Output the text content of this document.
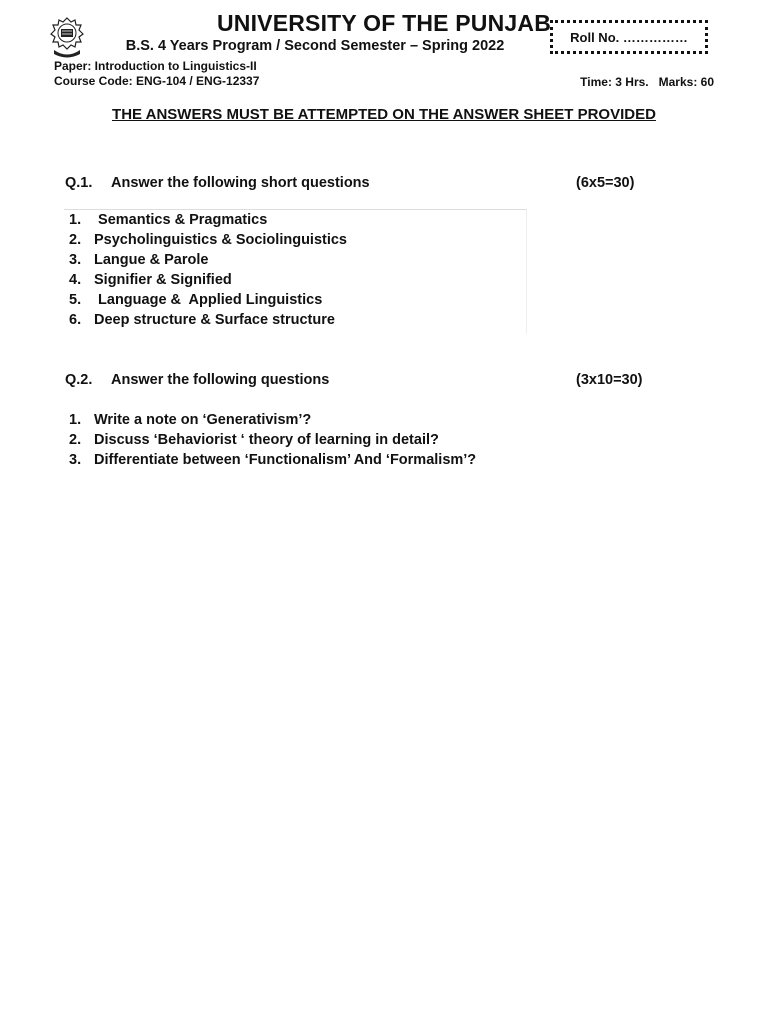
UNIVERSITY OF THE PUNJAB
B.S. 4 Years Program / Second Semester – Spring 2022
Roll No. ……………
Paper: Introduction to Linguistics-II
Course Code: ENG-104 / ENG-12337	Time: 3 Hrs.   Marks: 60
THE ANSWERS MUST BE ATTEMPTED ON THE ANSWER SHEET PROVIDED
Q.1. Answer the following short questions	(6x5=30)
1. Semantics & Pragmatics
2. Psycholinguistics & Sociolinguistics
3. Langue & Parole
4. Signifier & Signified
5. Language &  Applied Linguistics
6. Deep structure & Surface structure
Q.2. Answer the following questions	(3x10=30)
1. Write a note on ‘Generativism’?
2. Discuss ‘Behaviorist ‘ theory of learning in detail?
3. Differentiate between ‘Functionalism’ And ‘Formalism’?
